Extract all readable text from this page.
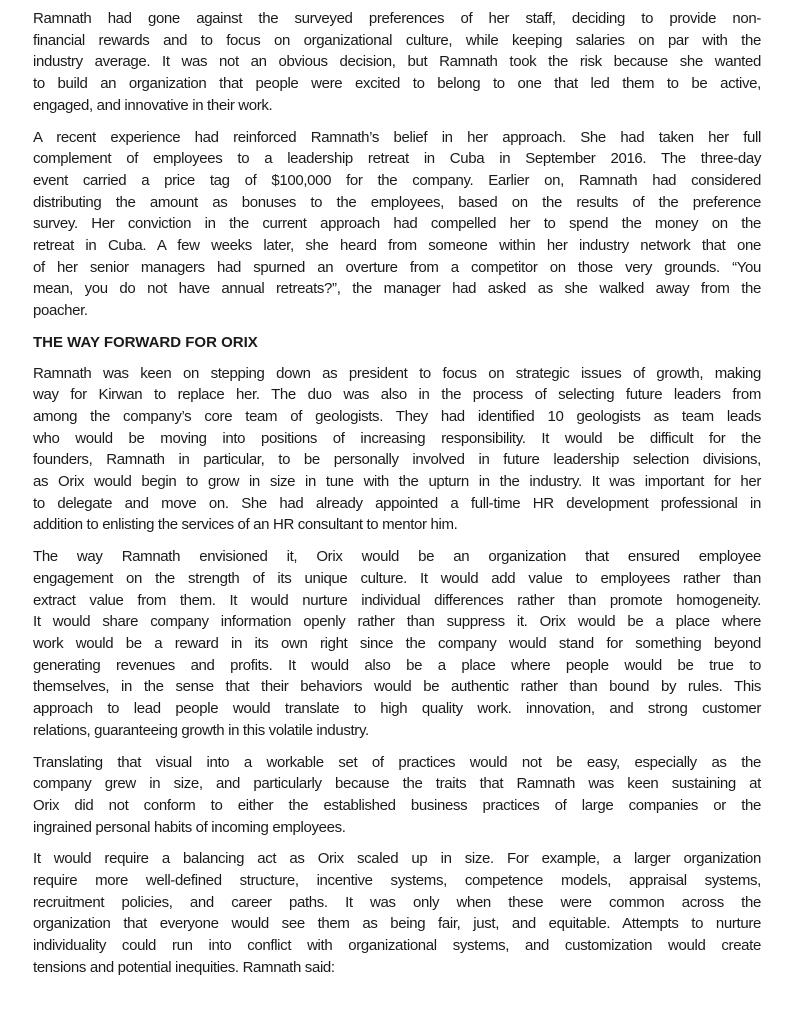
Ramnath had gone against the surveyed preferences of her staff, deciding to provide non-
financial rewards and to focus on organizational culture, while keeping salaries on par with the
industry average. It was not an obvious decision, but Ramnath took the risk because she wanted
to build an organization that people were excited to belong to one that led them to be active,
engaged, and innovative in their work.
A recent experience had reinforced Ramnath’s belief in her approach. She had taken her full
complement of employees to a leadership retreat in Cuba in September 2016. The three-day
event carried a price tag of $100,000 for the company. Earlier on, Ramnath had considered
distributing the amount as bonuses to the employees, based on the results of the preference
survey. Her conviction in the current approach had compelled her to spend the money on the
retreat in Cuba. A few weeks later, she heard from someone within her industry network that one
of her senior managers had spurned an overture from a competitor on those very grounds. “You
mean, you do not have annual retreats?”, the manager had asked as she walked away from the
poacher.
THE WAY FORWARD FOR ORIX
Ramnath was keen on stepping down as president to focus on strategic issues of growth, making
way for Kirwan to replace her. The duo was also in the process of selecting future leaders from
among the company’s core team of geologists. They had identified 10 geologists as team leads
who would be moving into positions of increasing responsibility. It would be difficult for the
founders, Ramnath in particular, to be personally involved in future leadership selection divisions,
as Orix would begin to grow in size in tune with the upturn in the industry. It was important for her
to delegate and move on. She had already appointed a full-time HR development professional in
addition to enlisting the services of an HR consultant to mentor him.
The way Ramnath envisioned it, Orix would be an organization that ensured employee
engagement on the strength of its unique culture. It would add value to employees rather than
extract value from them. It would nurture individual differences rather than promote homogeneity.
It would share company information openly rather than suppress it. Orix would be a place where
work would be a reward in its own right since the company would stand for something beyond
generating revenues and profits. It would also be a place where people would be true to
themselves, in the sense that their behaviors would be authentic rather than bound by rules. This
approach to lead people would translate to high quality work. innovation, and strong customer
relations, guaranteeing growth in this volatile industry.
Translating that visual into a workable set of practices would not be easy, especially as the
company grew in size, and particularly because the traits that Ramnath was keen sustaining at
Orix did not conform to either the established business practices of large companies or the
ingrained personal habits of incoming employees.
It would require a balancing act as Orix scaled up in size. For example, a larger organization
require more well-defined structure, incentive systems, competence models, appraisal systems,
recruitment policies, and career paths. It was only when these were common across the
organization that everyone would see them as being fair, just, and equitable. Attempts to nurture
individuality could run into conflict with organizational systems, and customization would create
tensions and potential inequities. Ramnath said:
